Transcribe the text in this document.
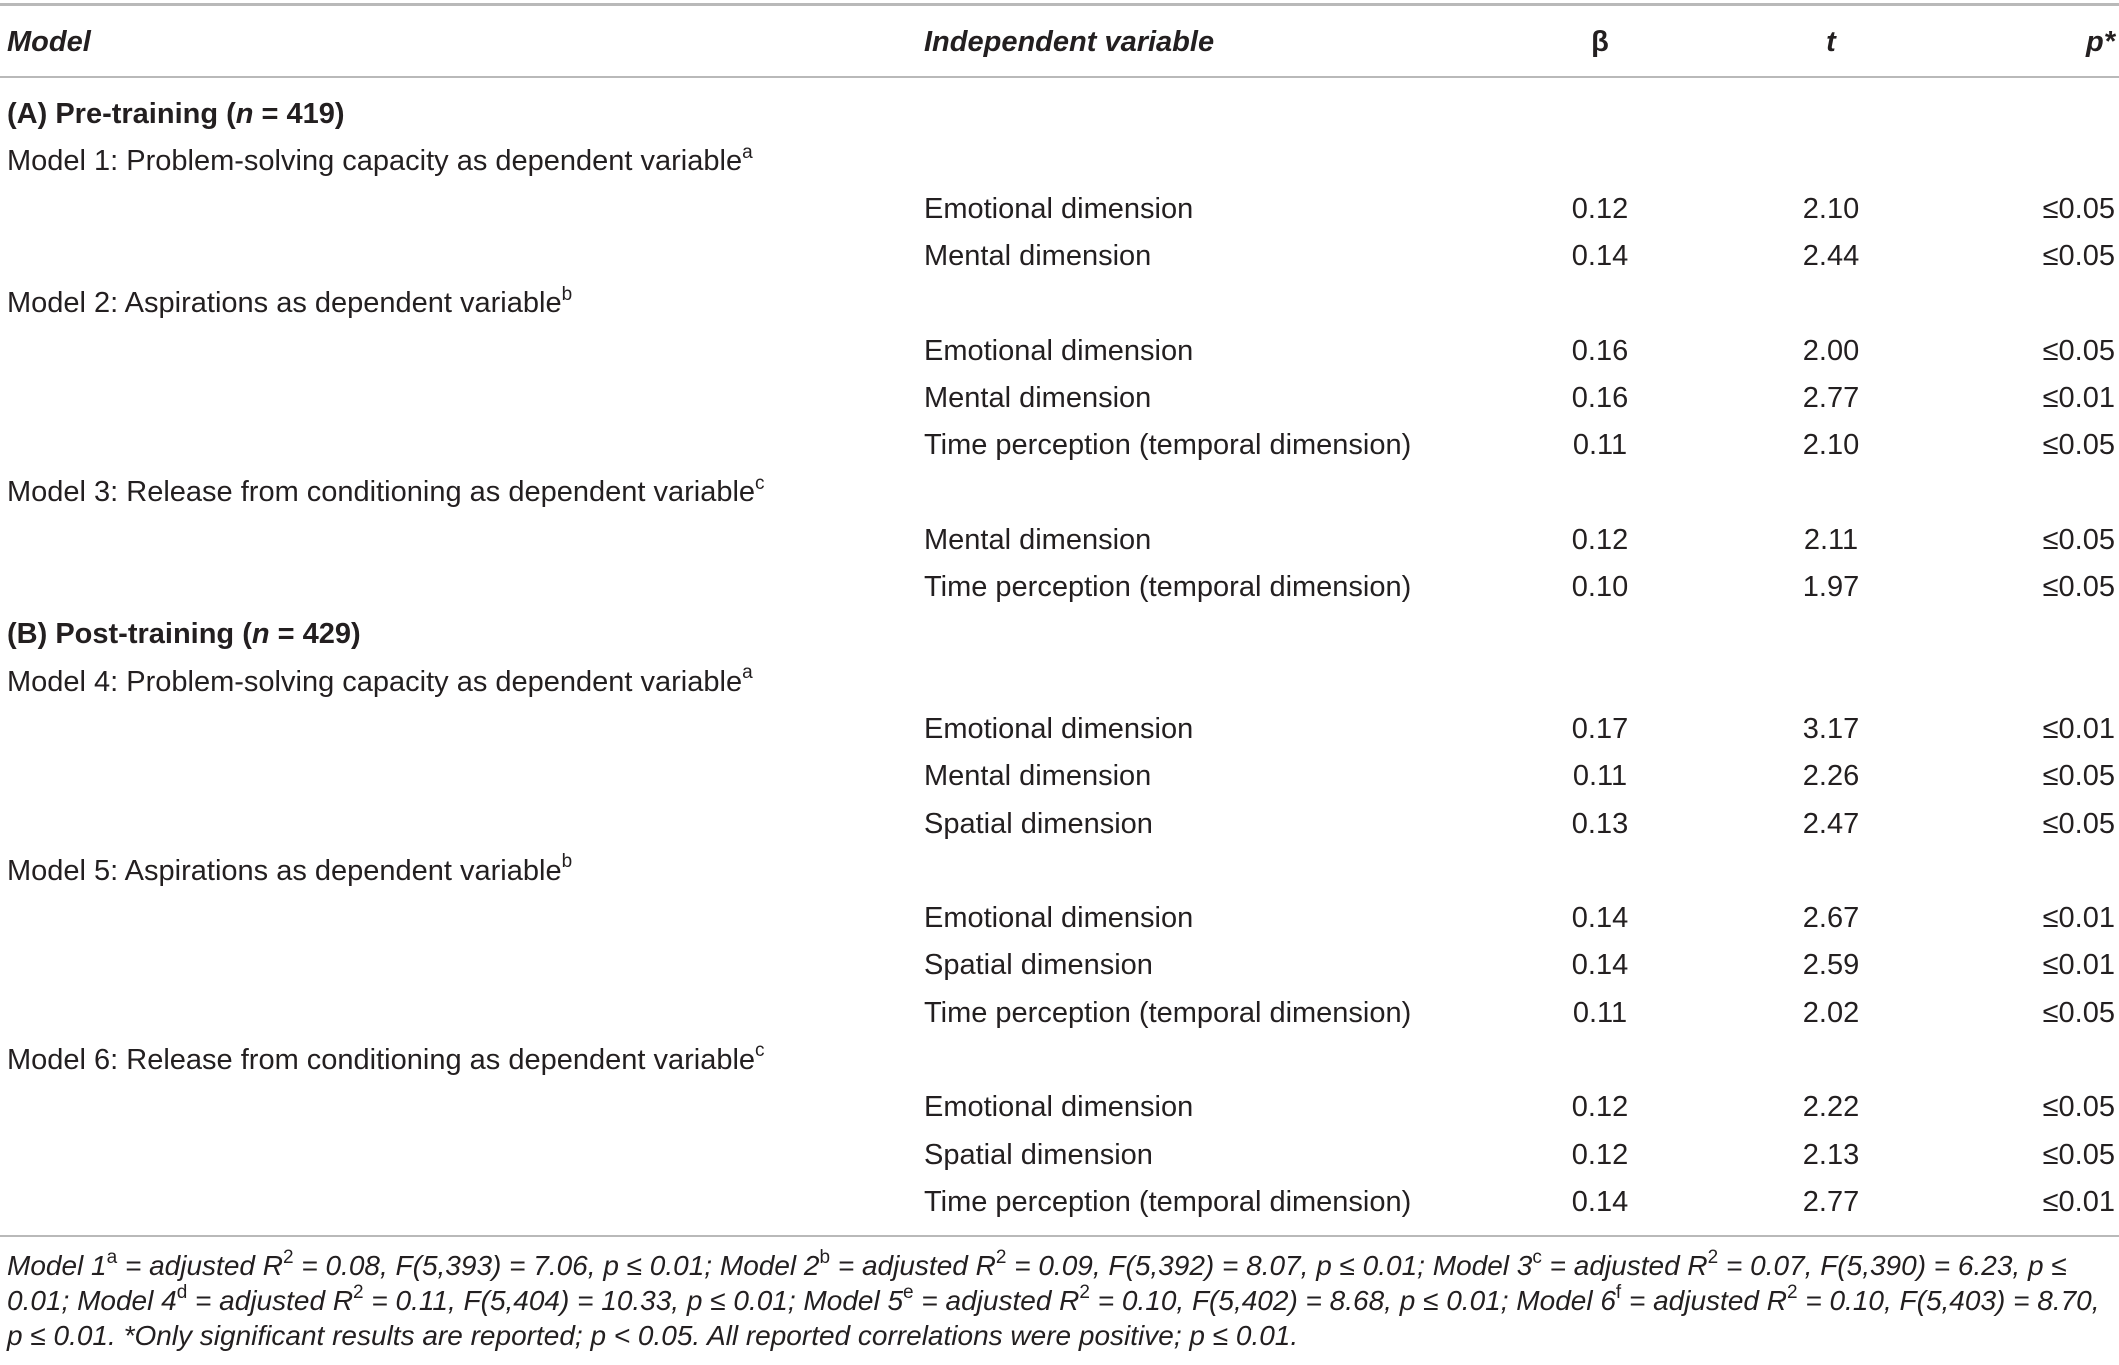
Model	Independent variable	β	t	p*
(A) Pre-training (n = 419)
Model 1: Problem-solving capacity as dependent variable$^a$
Emotional dimension	0.12	2.10	≤0.05
Mental dimension	0.14	2.44	≤0.05
Model 2: Aspirations as dependent variable$^b$
Emotional dimension	0.16	2.00	≤0.05
Mental dimension	0.16	2.77	≤0.01
Time perception (temporal dimension)	0.11	2.10	≤0.05
Model 3: Release from conditioning as dependent variable$^c$
Mental dimension	0.12	2.11	≤0.05
Time perception (temporal dimension)	0.10	1.97	≤0.05
(B) Post-training (n = 429)
Model 4: Problem-solving capacity as dependent variable$^a$
Emotional dimension	0.17	3.17	≤0.01
Mental dimension	0.11	2.26	≤0.05
Spatial dimension	0.13	2.47	≤0.05
Model 5: Aspirations as dependent variable$^b$
Emotional dimension	0.14	2.67	≤0.01
Spatial dimension	0.14	2.59	≤0.01
Time perception (temporal dimension)	0.11	2.02	≤0.05
Model 6: Release from conditioning as dependent variable$^c$
Emotional dimension	0.12	2.22	≤0.05
Spatial dimension	0.12	2.13	≤0.05
Time perception (temporal dimension)	0.14	2.77	≤0.01
Model $1^a$ = adjusted $R^2 = 0.08$, F(5,393) = 7.06, p ≤ 0.01; Model $2^b$ = adjusted $R^2 = 0.09$, F(5,392) = 8.07, p ≤ 0.01; Model $3^c$ = adjusted $R^2 = 0.07$, F(5,390) = 6.23, p ≤ 0.01; Model $4^d$ = adjusted $R^2 = 0.11$, F(5,404) = 10.33, p ≤ 0.01; Model $5^e$ = adjusted $R^2 = 0.10$, F(5,402) = 8.68, p ≤ 0.01; Model $6^f$ = adjusted $R^2 = 0.10$, F(5,403) = 8.70, p ≤ 0.01. *Only significant results are reported; p < 0.05. All reported correlations were positive; p ≤ 0.01.
